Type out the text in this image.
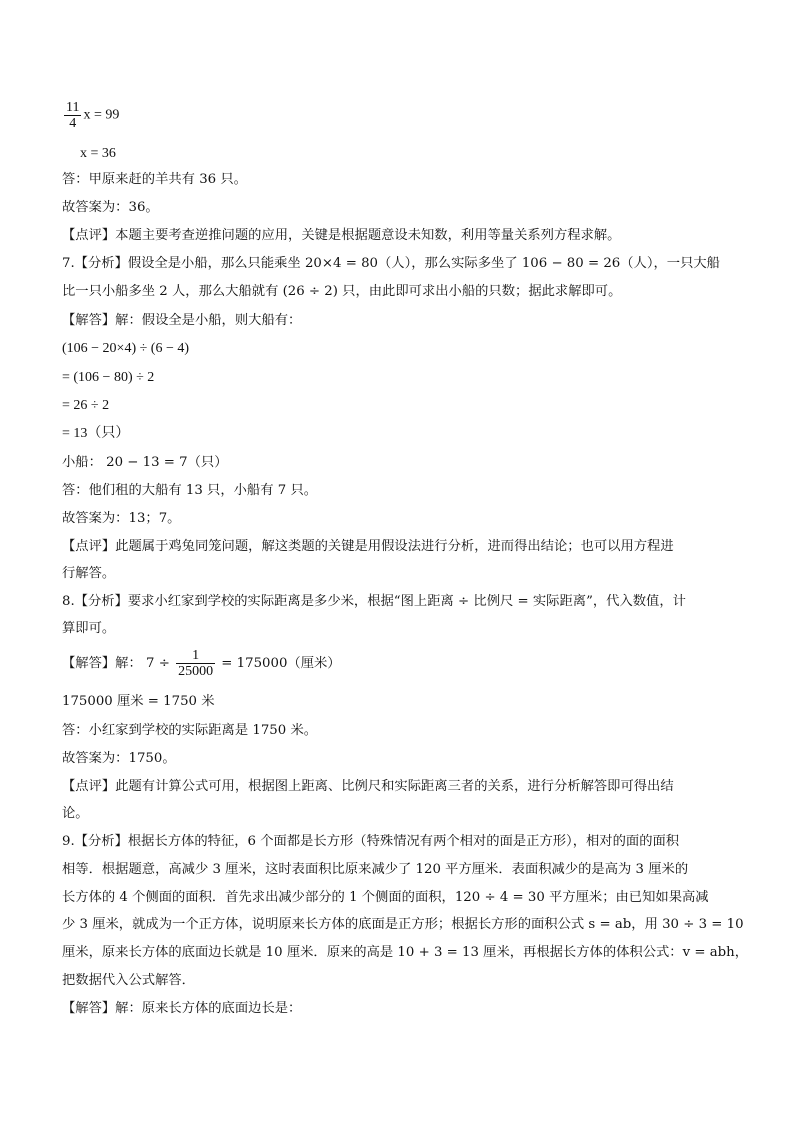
$\frac{11}{4}$ x = 99
x = 36
答：甲原来赶的羊共有 36 只。
故答案为：36。
【点评】本题主要考查逆推问题的应用，关键是根据题意设未知数，利用等量关系列方程求解。
7.【分析】假设全是小船，那么只能乘坐 20×4 = 80（人），那么实际多坐了 106 − 80 = 26（人），一只大船
比一只小船多坐 2 人，那么大船就有 (26 ÷ 2) 只，由此即可求出小船的只数；据此求解即可。
【解答】解：假设全是小船，则大船有：
(106 − 20×4) ÷ (6 − 4)
= (106 − 80) ÷ 2
= 26 ÷ 2
= 13（只）
小船： 20 − 13 = 7（只）
答：他们租的大船有 13 只，小船有 7 只。
故答案为：13；7。
【点评】此题属于鸡兔同笼问题，解这类题的关键是用假设法进行分析，进而得出结论；也可以用方程进
行解答。
8.【分析】要求小红家到学校的实际距离是多少米，根据“图上距离 ÷ 比例尺 = 实际距离”，代入数值，计
算即可。
【解答】解： $7 \div \frac{1}{25000} = 175000$（厘米）
175000 厘米 = 1750 米
答：小红家到学校的实际距离是 1750 米。
故答案为：1750。
【点评】此题有计算公式可用，根据图上距离、比例尺和实际距离三者的关系，进行分析解答即可得出结
论。
9.【分析】根据长方体的特征，6 个面都是长方形（特殊情况有两个相对的面是正方形），相对的面的面积
相等．根据题意，高减少 3 厘米，这时表面积比原来减少了 120 平方厘米．表面积减少的是高为 3 厘米的
长方体的 4 个侧面的面积．首先求出减少部分的 1 个侧面的面积，120 ÷ 4 = 30 平方厘米；由已知如果高减
少 3 厘米，就成为一个正方体，说明原来长方体的底面是正方形；根据长方形的面积公式 s = ab，用 30 ÷ 3 = 10
厘米，原来长方体的底面边长就是 10 厘米．原来的高是 10 + 3 = 13 厘米，再根据长方体的体积公式：v = abh，
把数据代入公式解答．
【解答】解：原来长方体的底面边长是：
